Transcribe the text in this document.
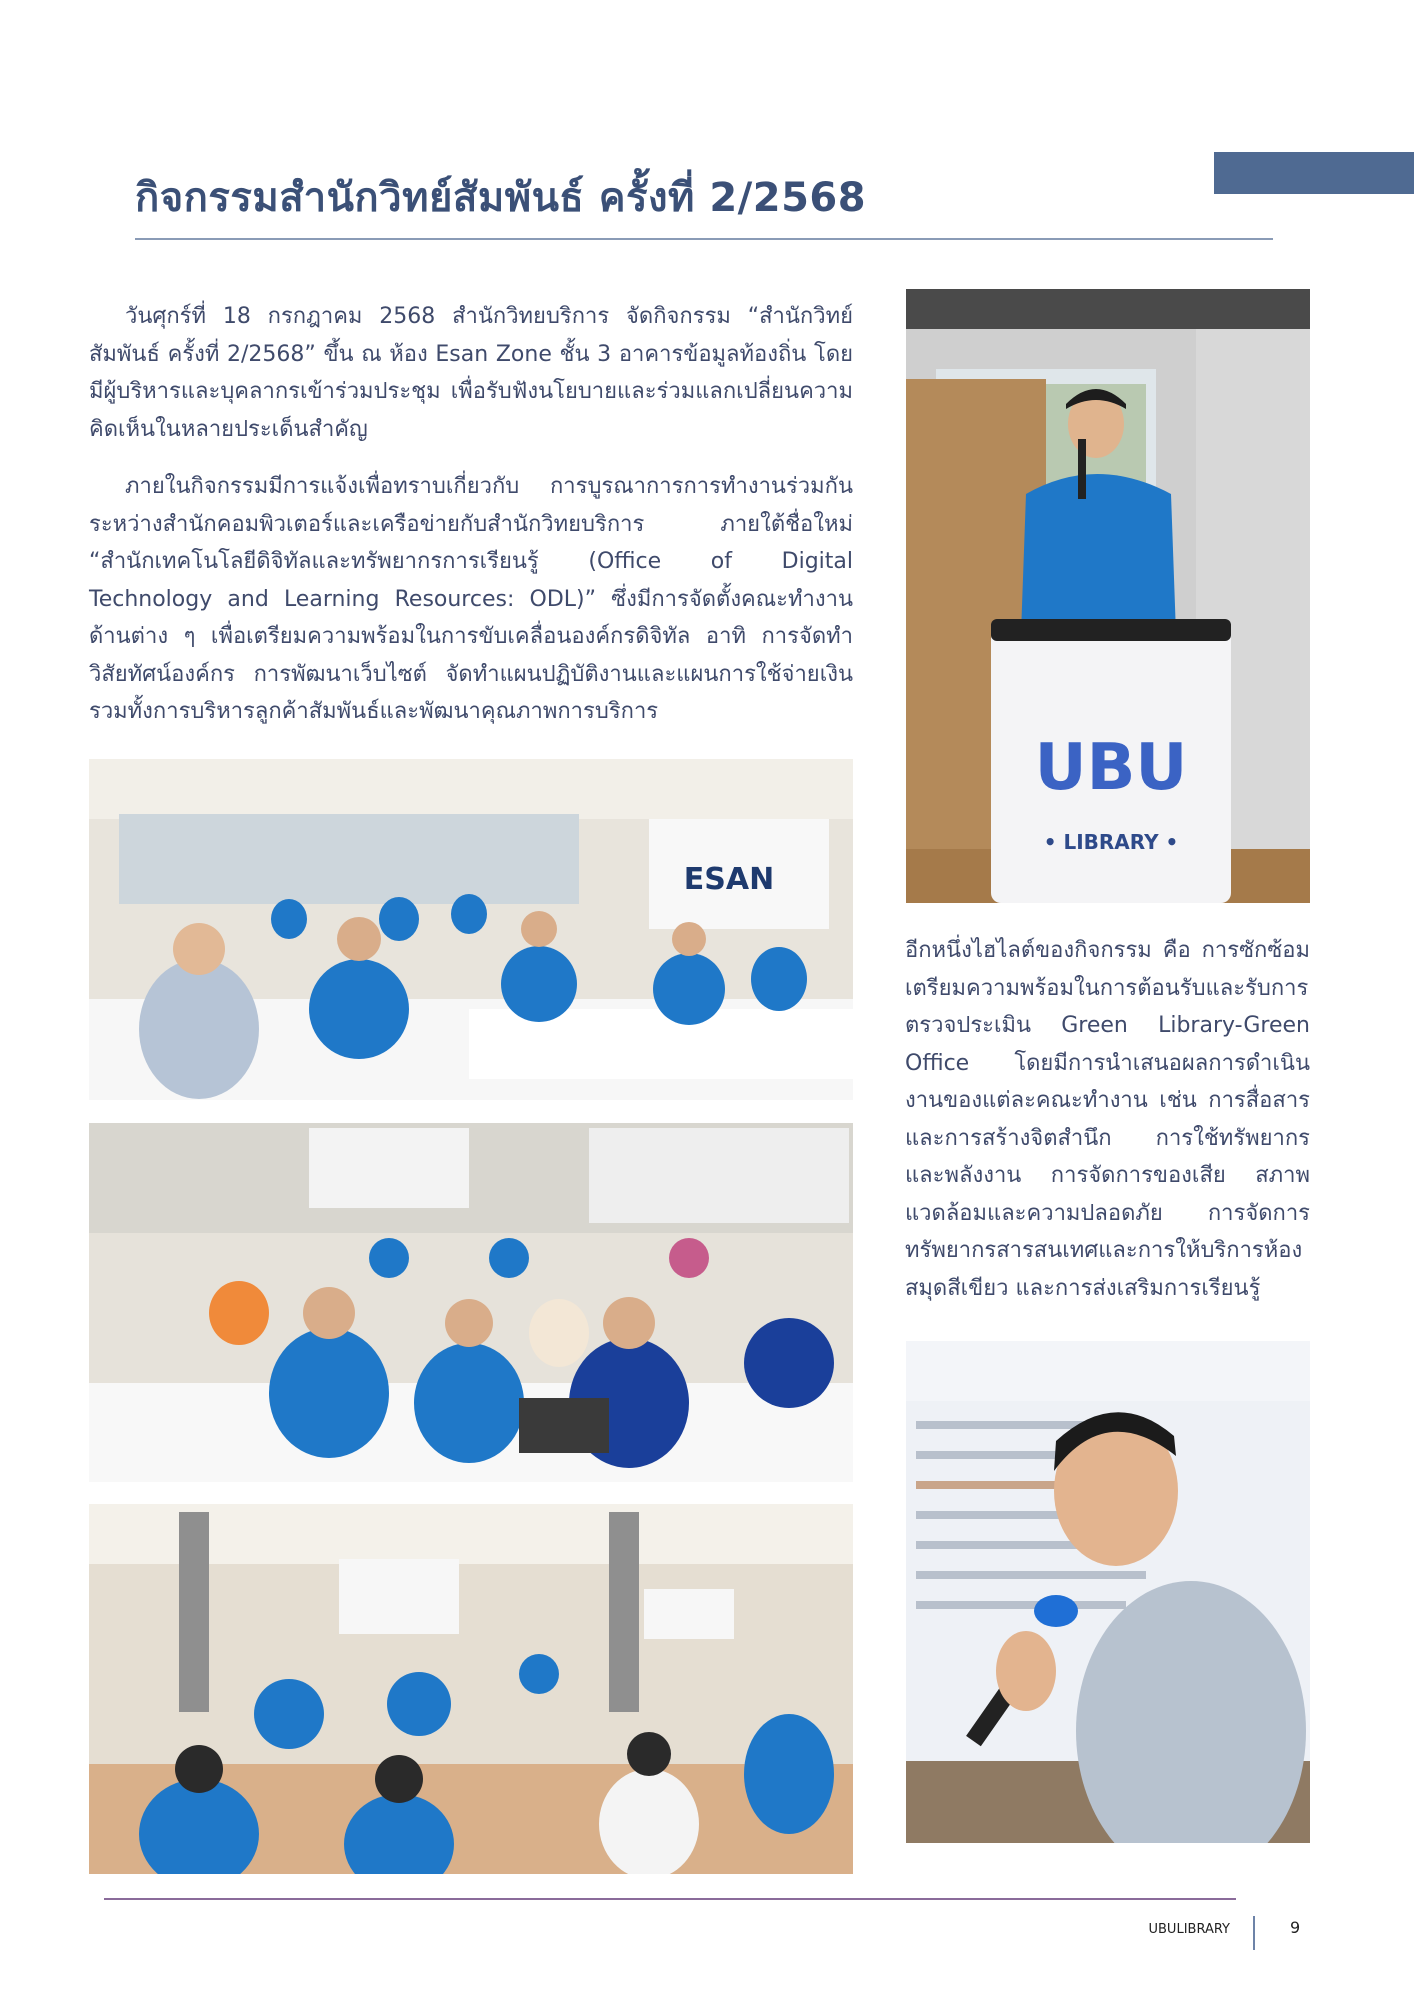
กิจกรรมสำนักวิทย์สัมพันธ์ ครั้งที่ 2/2568

วันศุกร์ที่ 18 กรกฎาคม 2568 สำนักวิทยบริการ จัดกิจกรรม “สำนักวิทย์สัมพันธ์ ครั้งที่ 2/2568” ขึ้น ณ ห้อง Esan Zone ชั้น 3 อาคารข้อมูลท้องถิ่น โดยมีผู้บริหารและบุคลากรเข้าร่วมประชุม เพื่อรับฟังนโยบายและร่วมแลกเปลี่ยนความคิดเห็นในหลายประเด็นสำคัญ

ภายในกิจกรรมมีการแจ้งเพื่อทราบเกี่ยวกับ การบูรณาการการทำงานร่วมกันระหว่างสำนักคอมพิวเตอร์และเครือข่ายกับสำนักวิทยบริการ ภายใต้ชื่อใหม่ “สำนักเทคโนโลยีดิจิทัลและทรัพยากรการเรียนรู้ (Office of Digital Technology and Learning Resources: ODL)” ซึ่งมีการจัดตั้งคณะทำงานด้านต่าง ๆ เพื่อเตรียมความพร้อมในการขับเคลื่อนองค์กรดิจิทัล อาทิ การจัดทำวิสัยทัศน์องค์กร การพัฒนาเว็บไซต์ จัดทำแผนปฏิบัติงานและแผนการใช้จ่ายเงิน รวมทั้งการบริหารลูกค้าสัมพันธ์และพัฒนาคุณภาพการบริการ

UBU
• LIBRARY •
ESAN

อีกหนึ่งไฮไลต์ของกิจกรรม คือ การซักซ้อมเตรียมความพร้อมในการต้อนรับและรับการตรวจประเมิน Green Library-Green Office โดยมีการนำเสนอผลการดำเนินงานของแต่ละคณะทำงาน เช่น การสื่อสารและการสร้างจิตสำนึก การใช้ทรัพยากรและพลังงาน การจัดการของเสีย สภาพแวดล้อมและความปลอดภัย การจัดการทรัพยากรสารสนเทศและการให้บริการห้องสมุดสีเขียว และการส่งเสริมการเรียนรู้

UBULIBRARY	9
